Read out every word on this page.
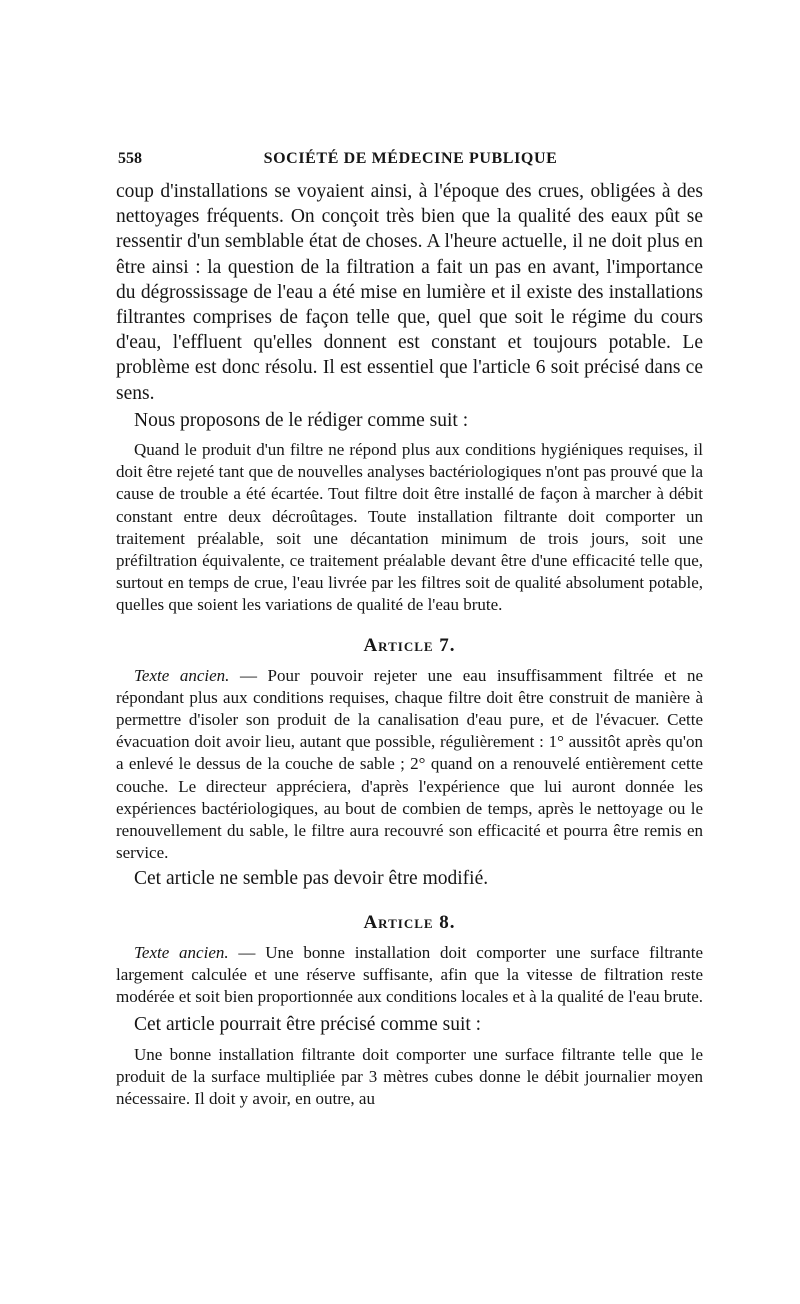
558	SOCIÉTÉ DE MÉDECINE PUBLIQUE

coup d'installations se voyaient ainsi, à l'époque des crues, obligées à des nettoyages fréquents. On conçoit très bien que la qualité des eaux pût se ressentir d'un semblable état de choses. A l'heure actuelle, il ne doit plus en être ainsi : la question de la filtration a fait un pas en avant, l'importance du dégrossissage de l'eau a été mise en lumière et il existe des installations filtrantes comprises de façon telle que, quel que soit le régime du cours d'eau, l'effluent qu'elles donnent est constant et toujours potable. Le problème est donc résolu. Il est essentiel que l'article 6 soit précisé dans ce sens.

Nous proposons de le rédiger comme suit :

Quand le produit d'un filtre ne répond plus aux conditions hygiéniques requises, il doit être rejeté tant que de nouvelles analyses bactériologiques n'ont pas prouvé que la cause de trouble a été écartée. Tout filtre doit être installé de façon à marcher à débit constant entre deux décroûtages. Toute installation filtrante doit comporter un traitement préalable, soit une décantation minimum de trois jours, soit une préfiltration équivalente, ce traitement préalable devant être d'une efficacité telle que, surtout en temps de crue, l'eau livrée par les filtres soit de qualité absolument potable, quelles que soient les variations de qualité de l'eau brute.

Article 7.

Texte ancien. — Pour pouvoir rejeter une eau insuffisamment filtrée et ne répondant plus aux conditions requises, chaque filtre doit être construit de manière à permettre d'isoler son produit de la canalisation d'eau pure, et de l'évacuer. Cette évacuation doit avoir lieu, autant que possible, régulièrement : 1° aussitôt après qu'on a enlevé le dessus de la couche de sable ; 2° quand on a renouvelé entièrement cette couche. Le directeur appréciera, d'après l'expérience que lui auront donnée les expériences bactériologiques, au bout de combien de temps, après le nettoyage ou le renouvellement du sable, le filtre aura recouvré son efficacité et pourra être remis en service.

Cet article ne semble pas devoir être modifié.

Article 8.

Texte ancien. — Une bonne installation doit comporter une surface filtrante largement calculée et une réserve suffisante, afin que la vitesse de filtration reste modérée et soit bien proportionnée aux conditions locales et à la qualité de l'eau brute.

Cet article pourrait être précisé comme suit :

Une bonne installation filtrante doit comporter une surface filtrante telle que le produit de la surface multipliée par 3 mètres cubes donne le débit journalier moyen nécessaire. Il doit y avoir, en outre, au
